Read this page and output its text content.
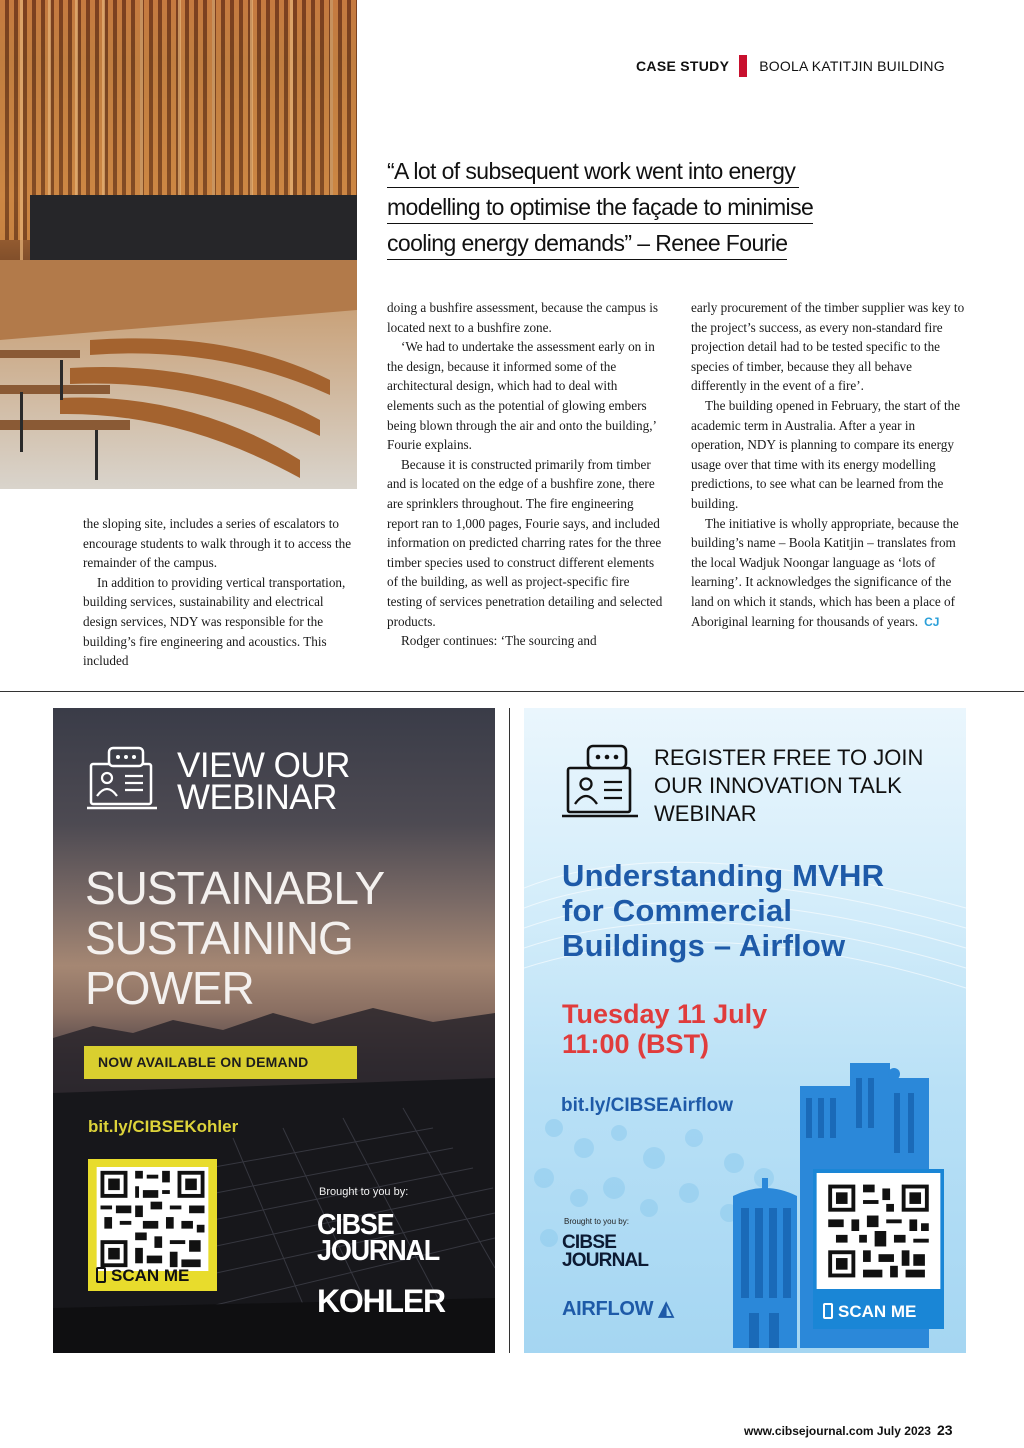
CASE STUDY BOOLA KATITJIN BUILDING
“A lot of subsequent work went into energy
modelling to optimise the façade to minimise
cooling energy demands” – Renee Fourie

the sloping site, includes a series of escalators to encourage students to walk through it to access the remainder of the campus.

In addition to providing vertical transportation, building services, sustainability and electrical design services, NDY was responsible for the building’s fire engineering and acoustics. This included

doing a bushfire assessment, because the campus is located next to a bushfire zone.

‘We had to undertake the assessment early on in the design, because it informed some of the architectural design, which had to deal with elements such as the potential of glowing embers being blown through the air and onto the building,’ Fourie explains.

Because it is constructed primarily from timber and is located on the edge of a bushfire zone, there are sprinklers throughout. The fire engineering report ran to 1,000 pages, Fourie says, and included information on predicted charring rates for the three timber species used to construct different elements of the building, as well as project-specific fire testing of services penetration detailing and selected products.

Rodger continues: ‘The sourcing and

early procurement of the timber supplier was key to the project’s success, as every non-standard fire projection detail had to be tested specific to the species of timber, because they all behave differently in the event of a fire’.

The building opened in February, the start of the academic term in Australia. After a year in operation, NDY is planning to compare its energy usage over that time with its energy modelling predictions, to see what can be learned from the building.

The initiative is wholly appropriate, because the building’s name – Boola Katitjin – translates from the local Wadjuk Noongar language as ‘lots of learning’. It acknowledges the significance of the land on which it stands, which has been a place of Aboriginal learning for thousands of years. CJ

VIEW OUR
WEBINAR
SUSTAINABLY
SUSTAINING
POWER
NOW AVAILABLE ON DEMAND
bit.ly/CIBSEKohler
SCAN ME
Brought to you by:
CIBSE
JOURNAL
KOHLER
REGISTER FREE TO JOIN
OUR INNOVATION TALK
WEBINAR
Understanding MVHR
for Commercial
Buildings – Airflow
Tuesday 11 July
11:00 (BST)
bit.ly/CIBSEAirflow
Brought to you by:
CIBSE
JOURNAL
AIRFLOW ◭	SCAN ME
www.cibsejournal.com July 2023 23
